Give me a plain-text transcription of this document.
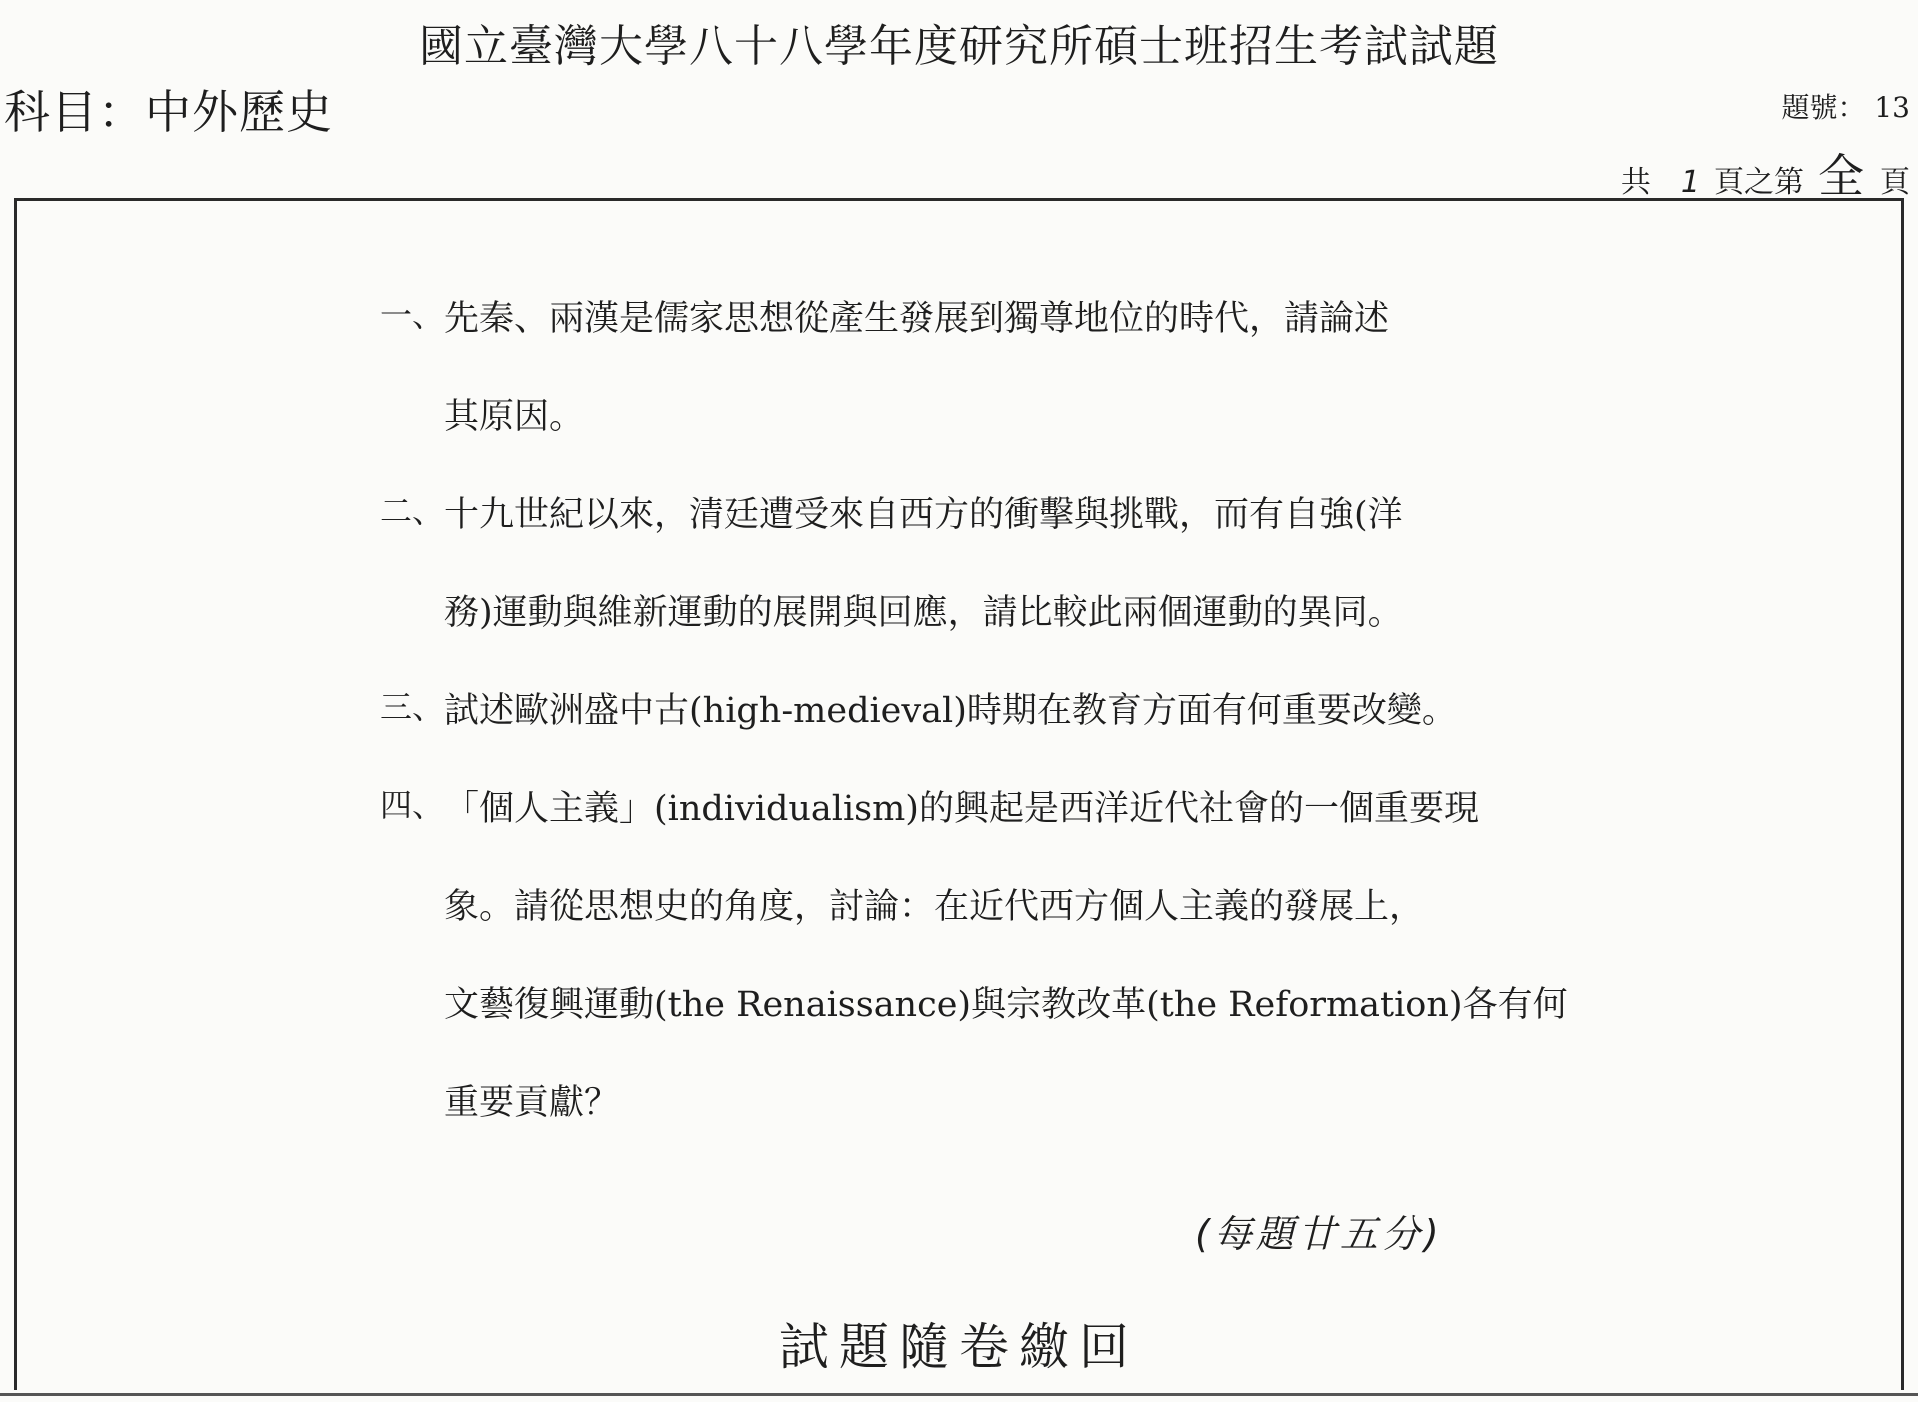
國立臺灣大學八十八學年度研究所碩士班招生考試試題
科目：中外歷史	題號： 13
共 1 頁之第 全 頁
一、 先秦、兩漢是儒家思想從產生發展到獨尊地位的時代，請論述
其原因。
二、 十九世紀以來，清廷遭受來自西方的衝擊與挑戰，而有自強(洋
務)運動與維新運動的展開與回應，請比較此兩個運動的異同。
三、 試述歐洲盛中古(high-medieval)時期在教育方面有何重要改變。
四、 「個人主義」(individualism)的興起是西洋近代社會的一個重要現
象。請從思想史的角度，討論：在近代西方個人主義的發展上，
文藝復興運動(the Renaissance)與宗教改革(the Reformation)各有何
重要貢獻？
(每題廿五分)
試題隨卷繳回
